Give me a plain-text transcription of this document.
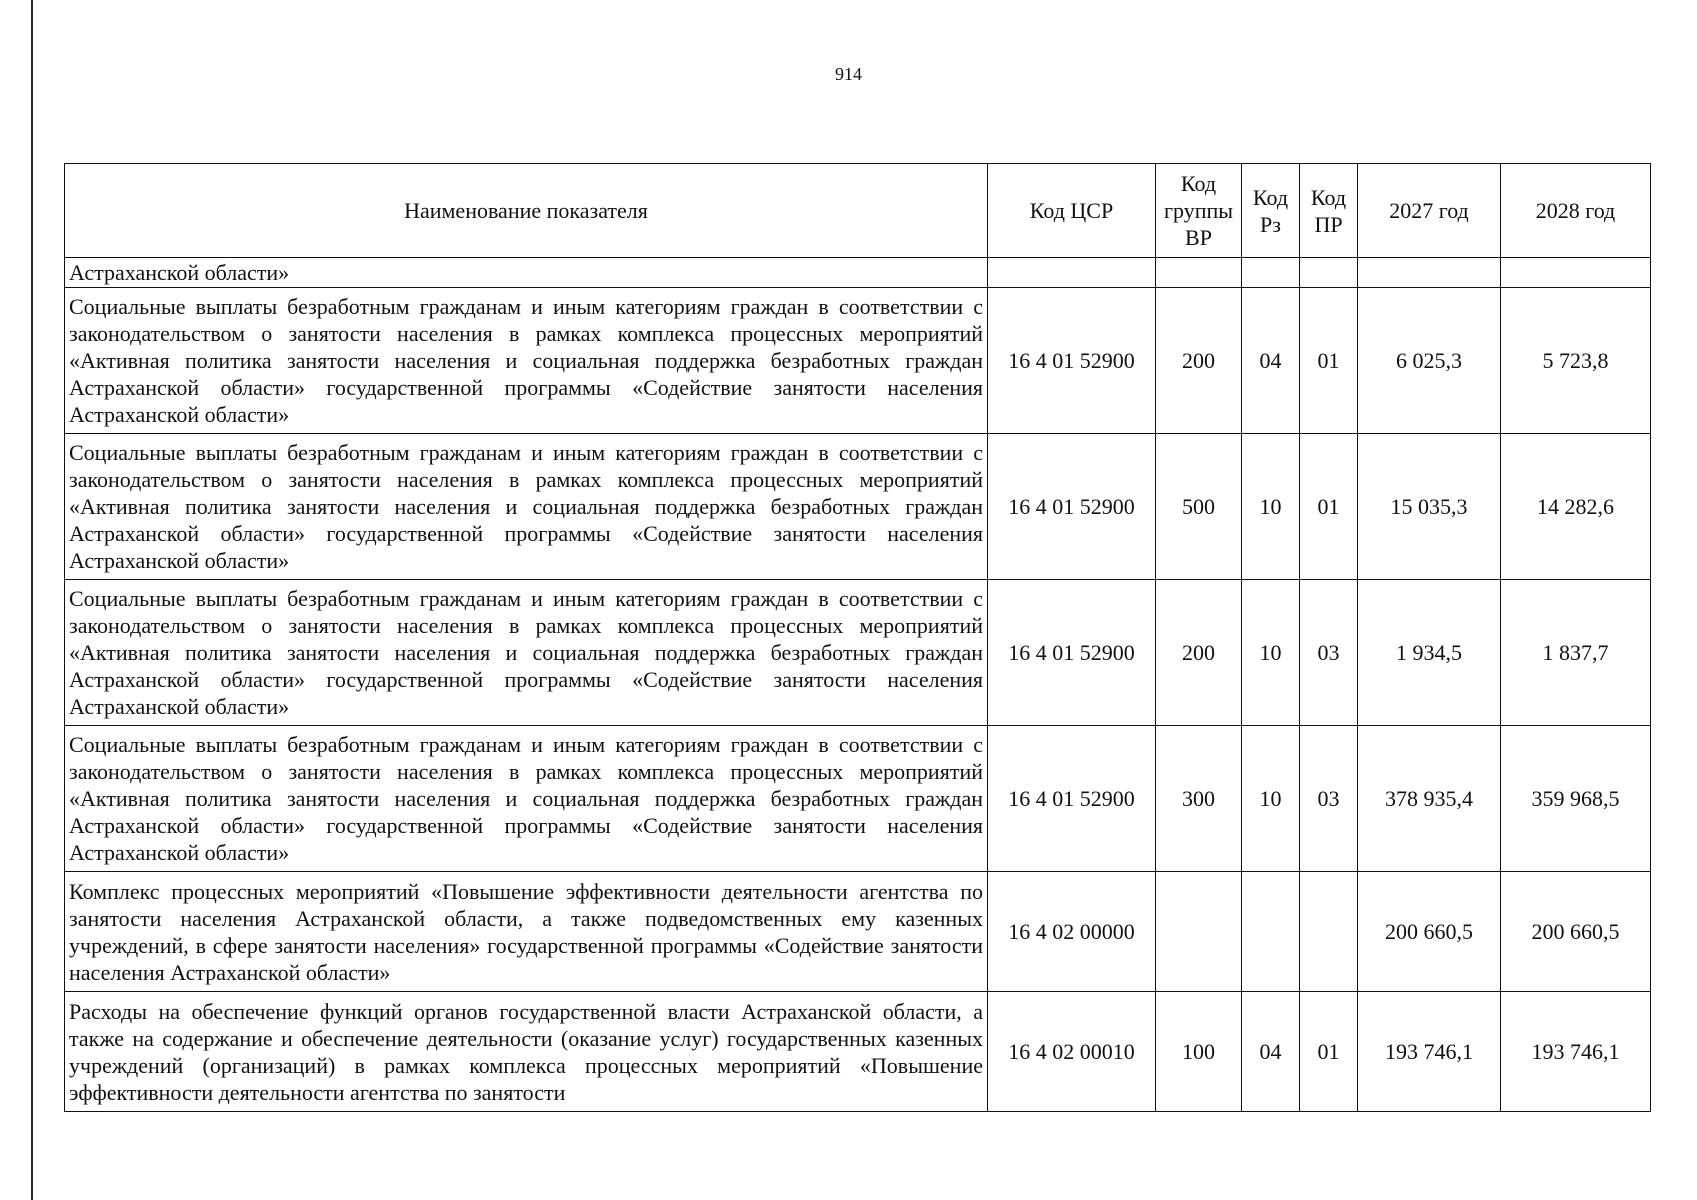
914
Наименование показателя	Код ЦСР	Код группы ВР	Код Рз	Код ПР	2027 год	2028 год
Астраханской области»						
Социальные выплаты безработным гражданам и иным категориям граждан в соответствии с законодательством о занятости населения в рамках комплекса процессных мероприятий «Активная политика занятости населения и социальная поддержка безработных граждан Астраханской области» государственной программы «Содействие занятости населения Астраханской области»	16 4 01 52900	200	04	01	6 025,3	5 723,8
Социальные выплаты безработным гражданам и иным категориям граждан в соответствии с законодательством о занятости населения в рамках комплекса процессных мероприятий «Активная политика занятости населения и социальная поддержка безработных граждан Астраханской области» государственной программы «Содействие занятости населения Астраханской области»	16 4 01 52900	500	10	01	15 035,3	14 282,6
Социальные выплаты безработным гражданам и иным категориям граждан в соответствии с законодательством о занятости населения в рамках комплекса процессных мероприятий «Активная политика занятости населения и социальная поддержка безработных граждан Астраханской области» государственной программы «Содействие занятости населения Астраханской области»	16 4 01 52900	200	10	03	1 934,5	1 837,7
Социальные выплаты безработным гражданам и иным категориям граждан в соответствии с законодательством о занятости населения в рамках комплекса процессных мероприятий «Активная политика занятости населения и социальная поддержка безработных граждан Астраханской области» государственной программы «Содействие занятости населения Астраханской области»	16 4 01 52900	300	10	03	378 935,4	359 968,5
Комплекс процессных мероприятий «Повышение эффективности деятельности агентства по занятости населения Астраханской области, а также подведомственных ему казенных учреждений, в сфере занятости населения» государственной программы «Содействие занятости населения Астраханской области»	16 4 02 00000				200 660,5	200 660,5
Расходы на обеспечение функций органов государственной власти Астраханской области, а также на содержание и обеспечение деятельности (оказание услуг) государственных казенных учреждений (организаций) в рамках комплекса процессных мероприятий «Повышение эффективности деятельности агентства по занятости	16 4 02 00010	100	04	01	193 746,1	193 746,1
